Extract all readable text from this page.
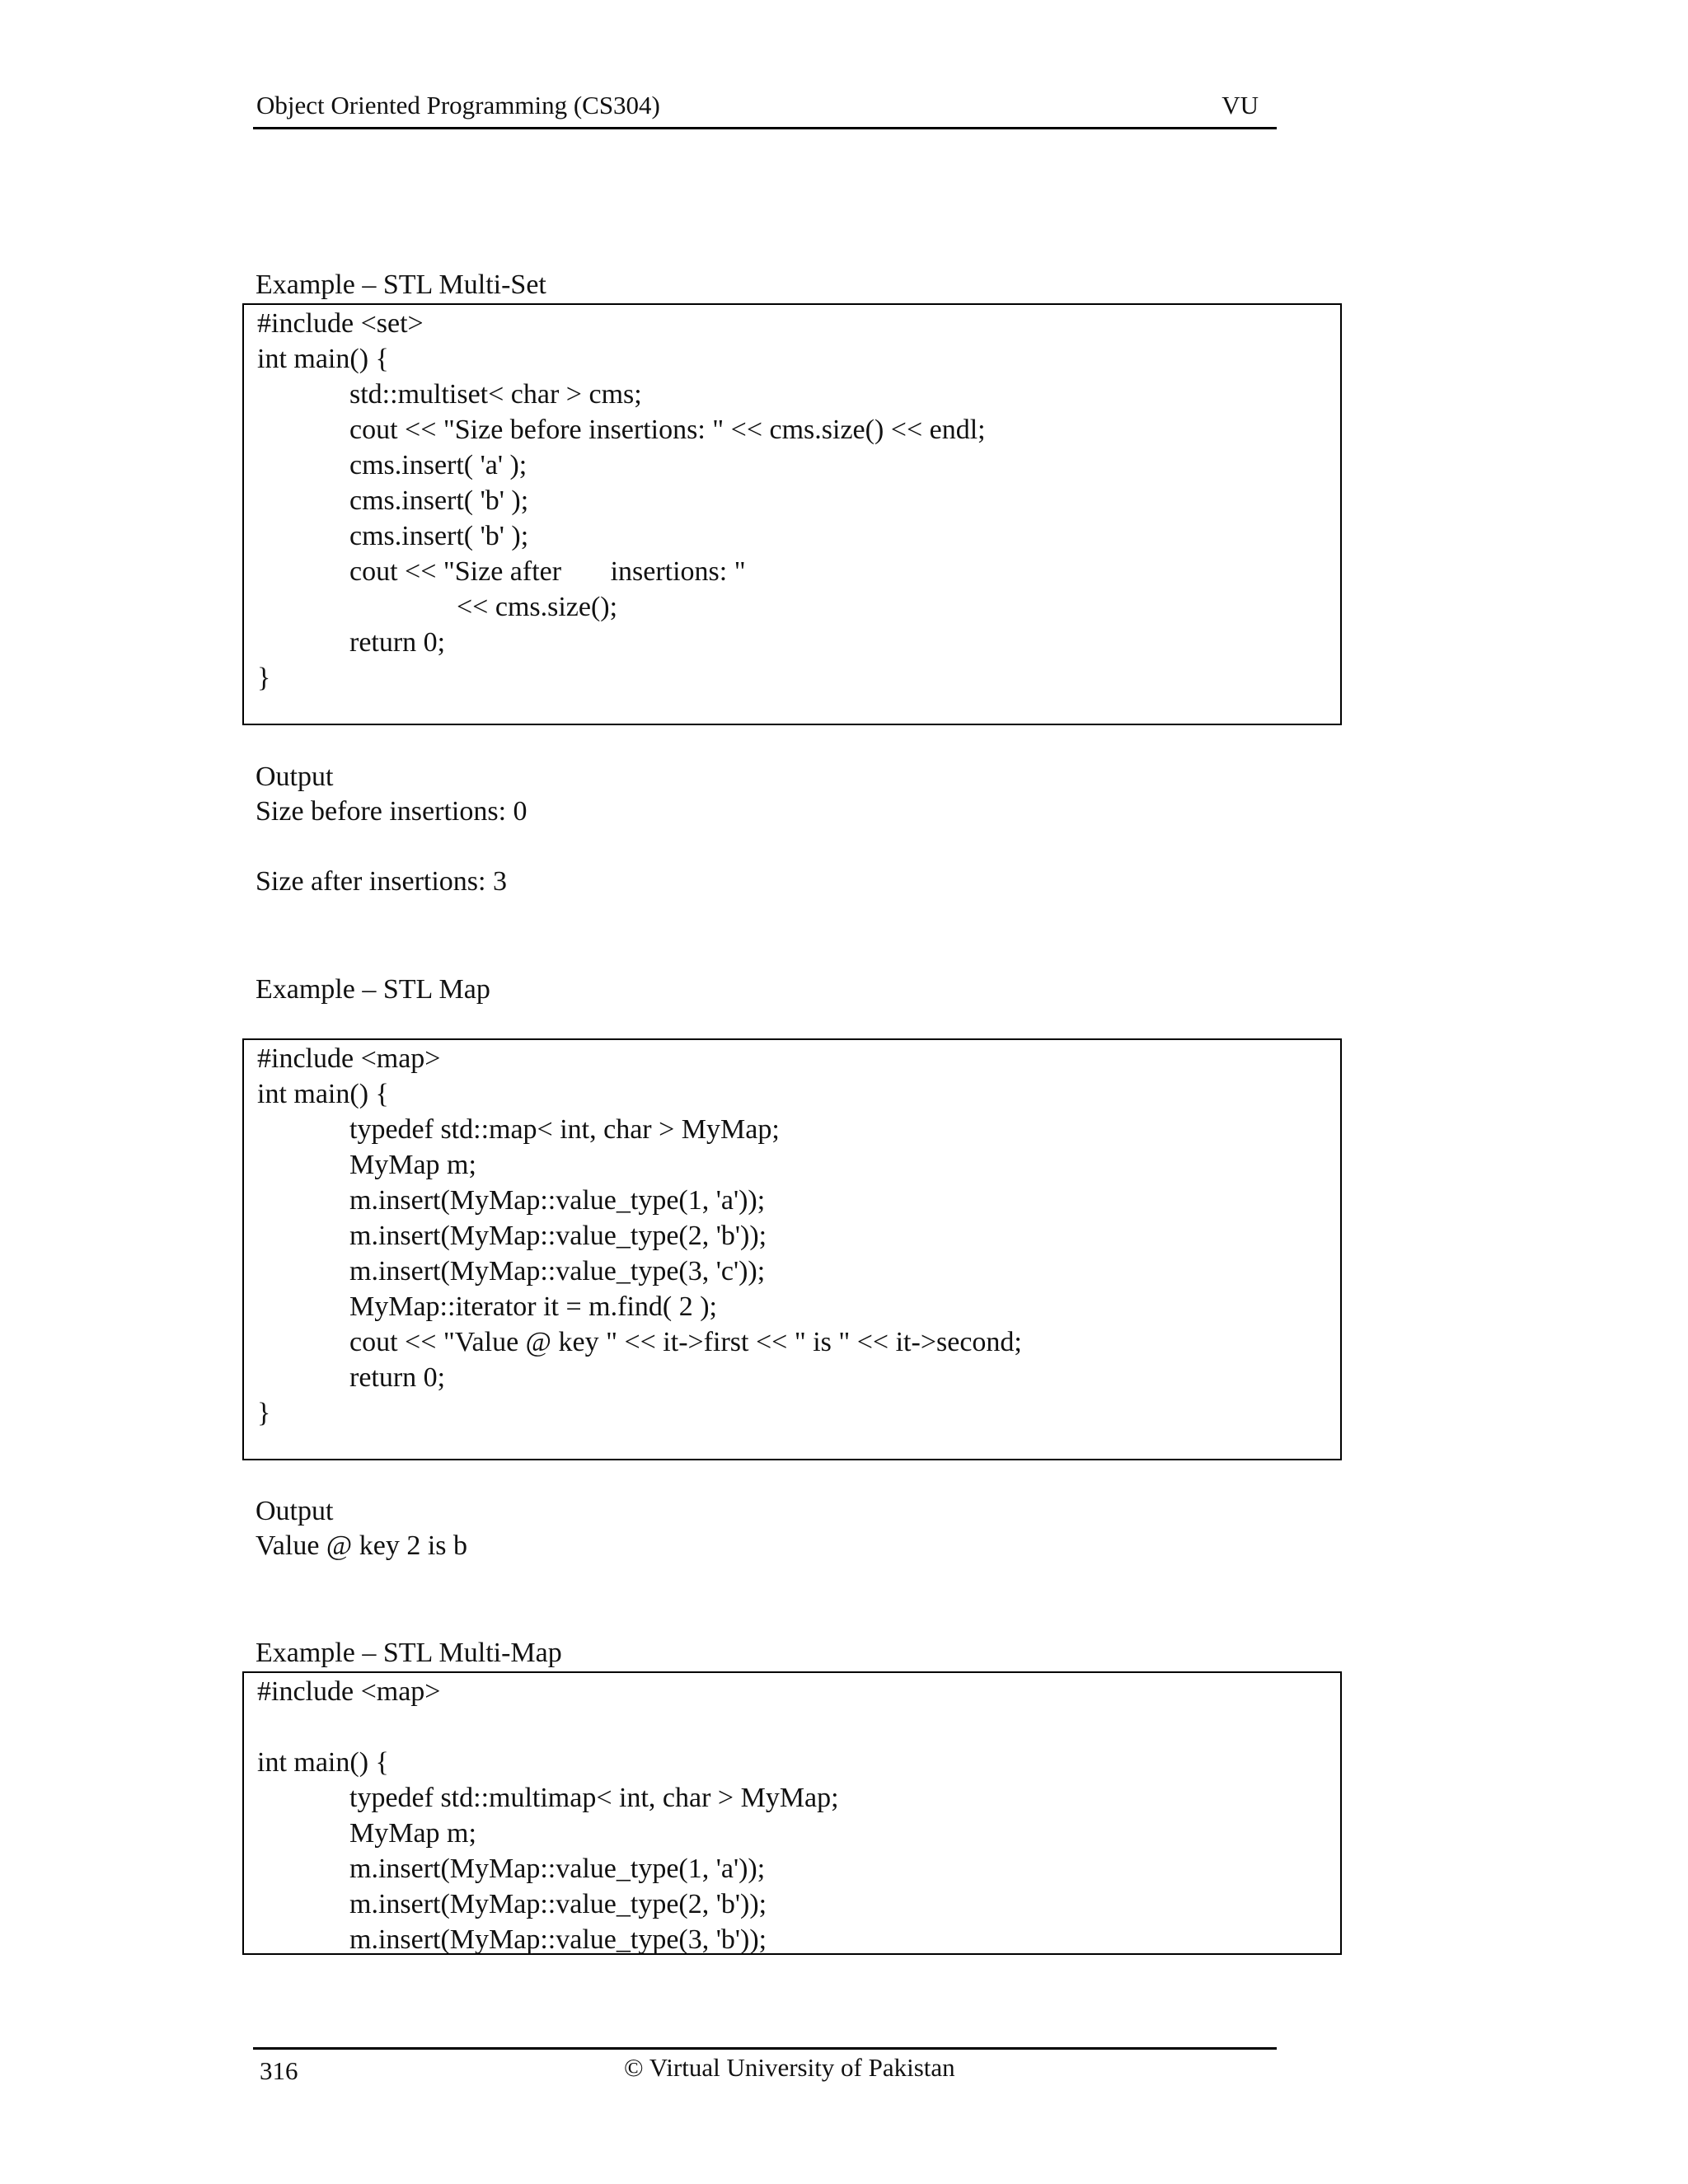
Object Oriented Programming (CS304)	VU
Example – STL Multi-Set
#include <set>
int main() {
std::multiset< char > cms;
cout << "Size before insertions: " << cms.size() << endl;
cms.insert( 'a' );
cms.insert( 'b' );
cms.insert( 'b' );
cout << "Size after       insertions: "
<< cms.size();
return 0;
}
Output
Size before insertions: 0
Size after insertions: 3
Example – STL Map
#include <map>
int main() {
typedef std::map< int, char > MyMap;
MyMap m;
m.insert(MyMap::value_type(1, 'a'));
m.insert(MyMap::value_type(2, 'b'));
m.insert(MyMap::value_type(3, 'c'));
MyMap::iterator it = m.find( 2 );
cout << "Value @ key " << it->first << " is " << it->second;
return 0;
}
Output
Value @ key 2 is b
Example – STL Multi-Map
#include <map>
int main() {
typedef std::multimap< int, char > MyMap;
MyMap m;
m.insert(MyMap::value_type(1, 'a'));
m.insert(MyMap::value_type(2, 'b'));
m.insert(MyMap::value_type(3, 'b'));
316	© Virtual University of Pakistan
